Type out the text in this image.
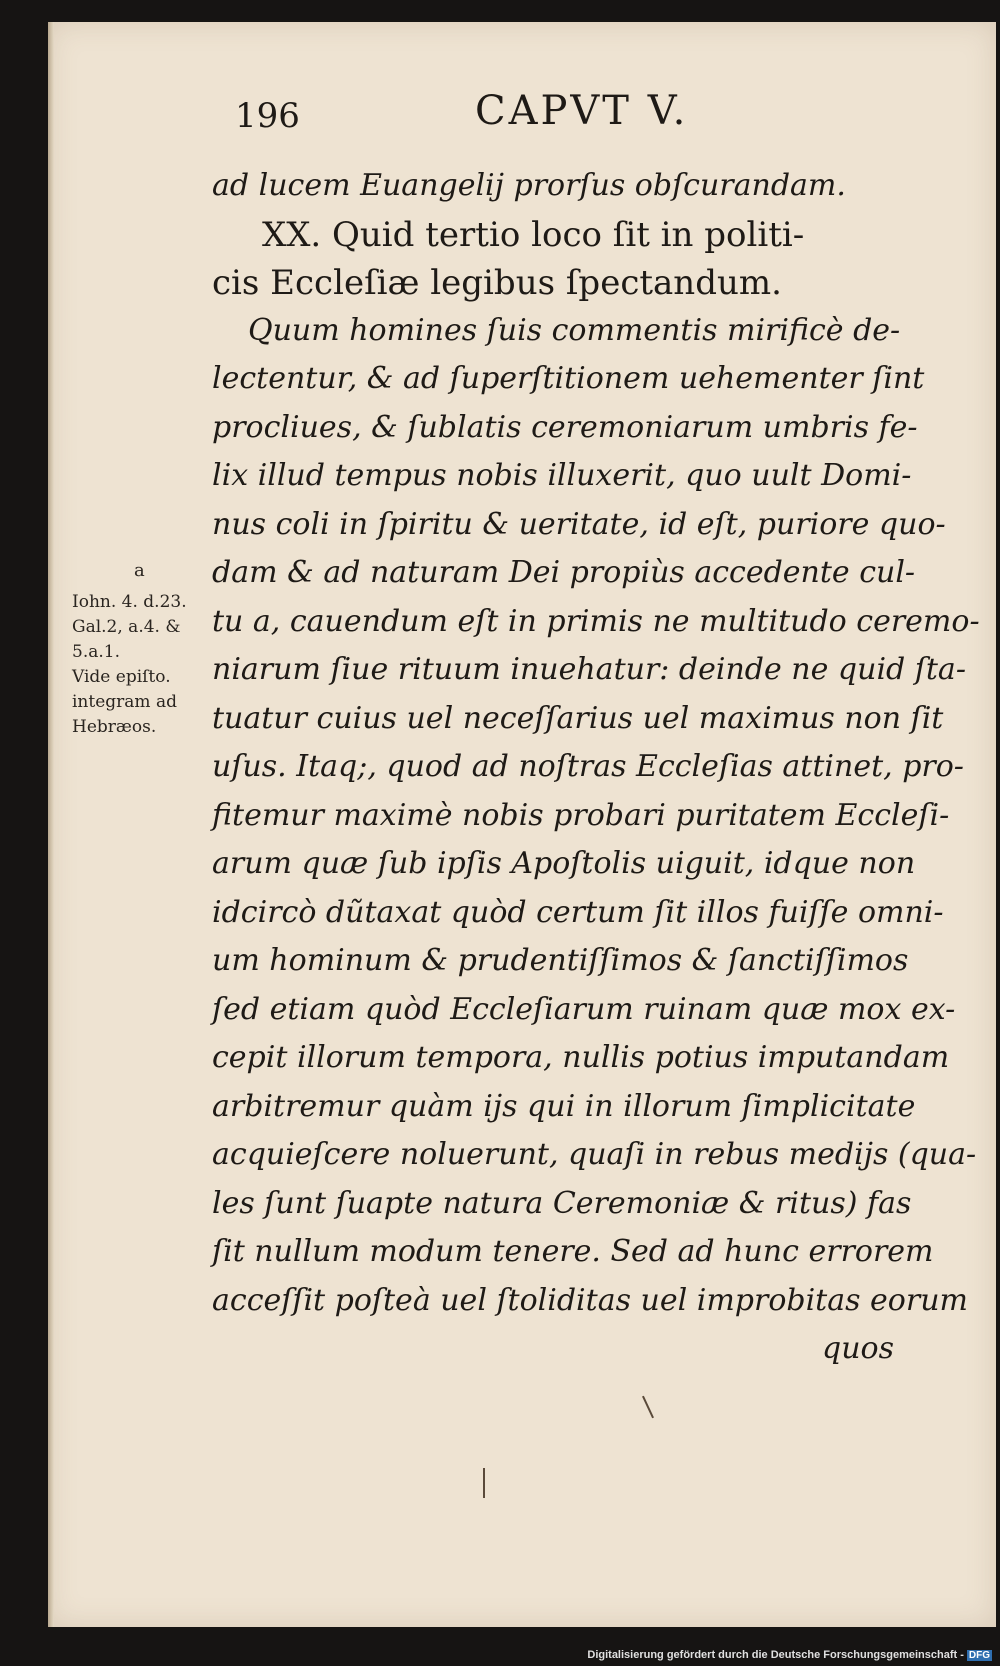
196	CAPVT V.
a
Iohn. 4. d.23.
Gal.2, a.4. &
5.a.1.
Vide epiſto.
integram ad
Hebræos.
ad lucem Euangelij prorſus obſcurandam.
XX. Quid tertio loco ſit in politi-
cis Eccleſiæ legibus ſpectandum.
Quum homines ſuis commentis mirificè de-
lectentur, & ad ſuperſtitionem uehementer ſint
procliues, & ſublatis ceremoniarum umbris fe-
lix illud tempus nobis illuxerit, quo uult Domi-
nus coli in ſpiritu & ueritate, id eſt, puriore quo-
dam & ad naturam Dei propiùs accedente cul-
tu a, cauendum eſt in primis ne multitudo ceremo-
niarum ſiue rituum inuehatur: deinde ne quid ſta-
tuatur cuius uel neceſſarius uel maximus non ſit
uſus. Itaq;, quod ad noſtras Eccleſias attinet, pro-
fitemur maximè nobis probari puritatem Eccleſi-
arum quæ ſub ipſis Apoſtolis uiguit, idque non
idcircò dũtaxat quòd certum ſit illos fuiſſe omni-
um hominum & prudentiſſimos & ſanctiſſimos
ſed etiam quòd Eccleſiarum ruinam quæ mox ex-
cepit illorum tempora, nullis potius imputandam
arbitremur quàm ijs qui in illorum ſimplicitate
acquieſcere noluerunt, quaſi in rebus medijs (qua-
les ſunt ſuapte natura Ceremoniæ & ritus) fas
ſit nullum modum tenere. Sed ad hunc errorem
acceſſit poſteà uel ſtoliditas uel improbitas eorum
quos
Digitalisierung gefördert durch die Deutsche Forschungsgemeinschaft - DFG
